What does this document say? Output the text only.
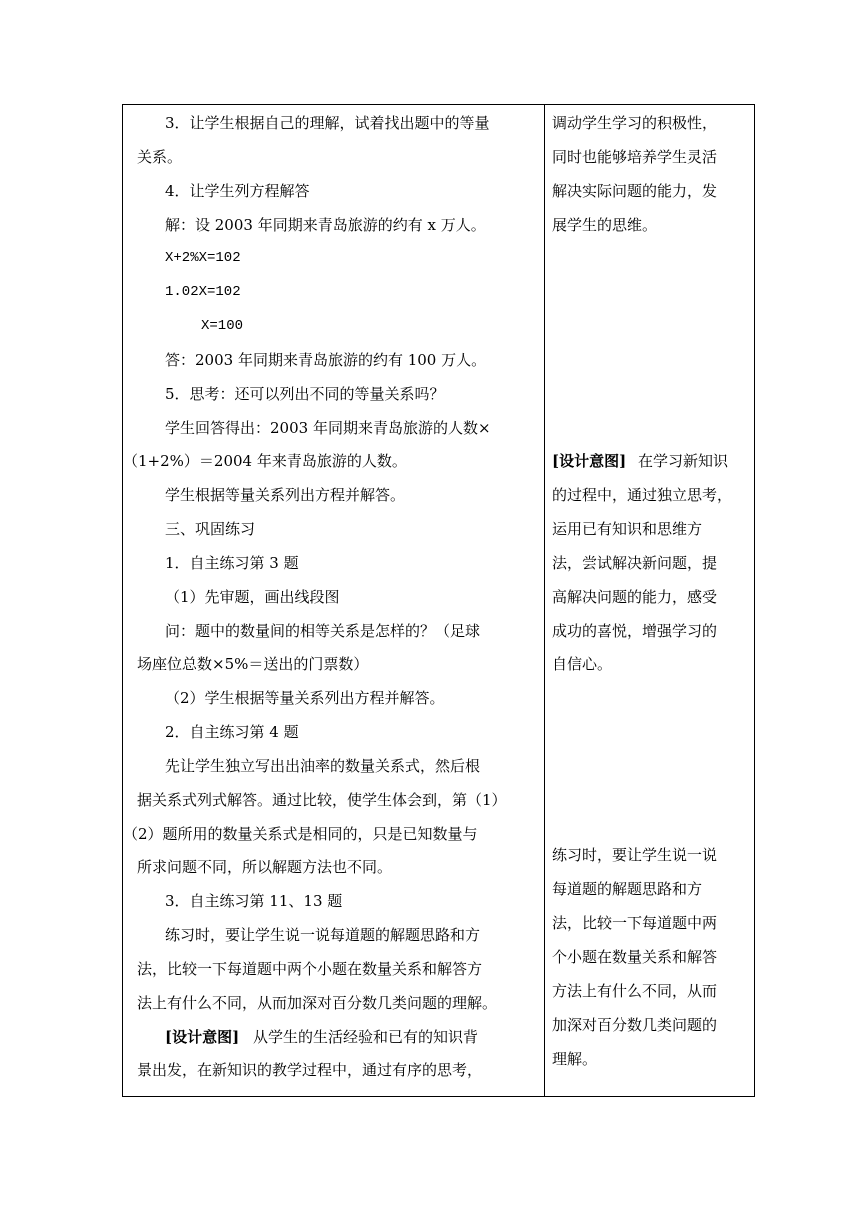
3．让学生根据自己的理解，试着找出题中的等量
关系。
4．让学生列方程解答
解：设 2003 年同期来青岛旅游的约有 x 万人。
X+2%X=102
1.02X=102
X=100
答：2003 年同期来青岛旅游的约有 100 万人。
5．思考：还可以列出不同的等量关系吗？
学生回答得出：2003 年同期来青岛旅游的人数×
（1+2%）＝2004 年来青岛旅游的人数。
学生根据等量关系列出方程并解答。
三、巩固练习
1．自主练习第 3 题
（1）先审题，画出线段图
问：题中的数量间的相等关系是怎样的？（足球
场座位总数×5%＝送出的门票数）
（2）学生根据等量关系列出方程并解答。
2．自主练习第 4 题
先让学生独立写出出油率的数量关系式，然后根
据关系式列式解答。通过比较，使学生体会到，第（1）
（2）题所用的数量关系式是相同的，只是已知数量与
所求问题不同，所以解题方法也不同。
3．自主练习第 11、13 题
练习时，要让学生说一说每道题的解题思路和方
法，比较一下每道题中两个小题在数量关系和解答方
法上有什么不同，从而加深对百分数几类问题的理解。
[设计意图] 从学生的生活经验和已有的知识背
景出发，在新知识的教学过程中，通过有序的思考，
调动学生学习的积极性，
同时也能够培养学生灵活
解决实际问题的能力，发
展学生的思维。
[设计意图] 在学习新知识
的过程中，通过独立思考，
运用已有知识和思维方
法，尝试解决新问题，提
高解决问题的能力，感受
成功的喜悦，增强学习的
自信心。
练习时，要让学生说一说
每道题的解题思路和方
法，比较一下每道题中两
个小题在数量关系和解答
方法上有什么不同，从而
加深对百分数几类问题的
理解。
